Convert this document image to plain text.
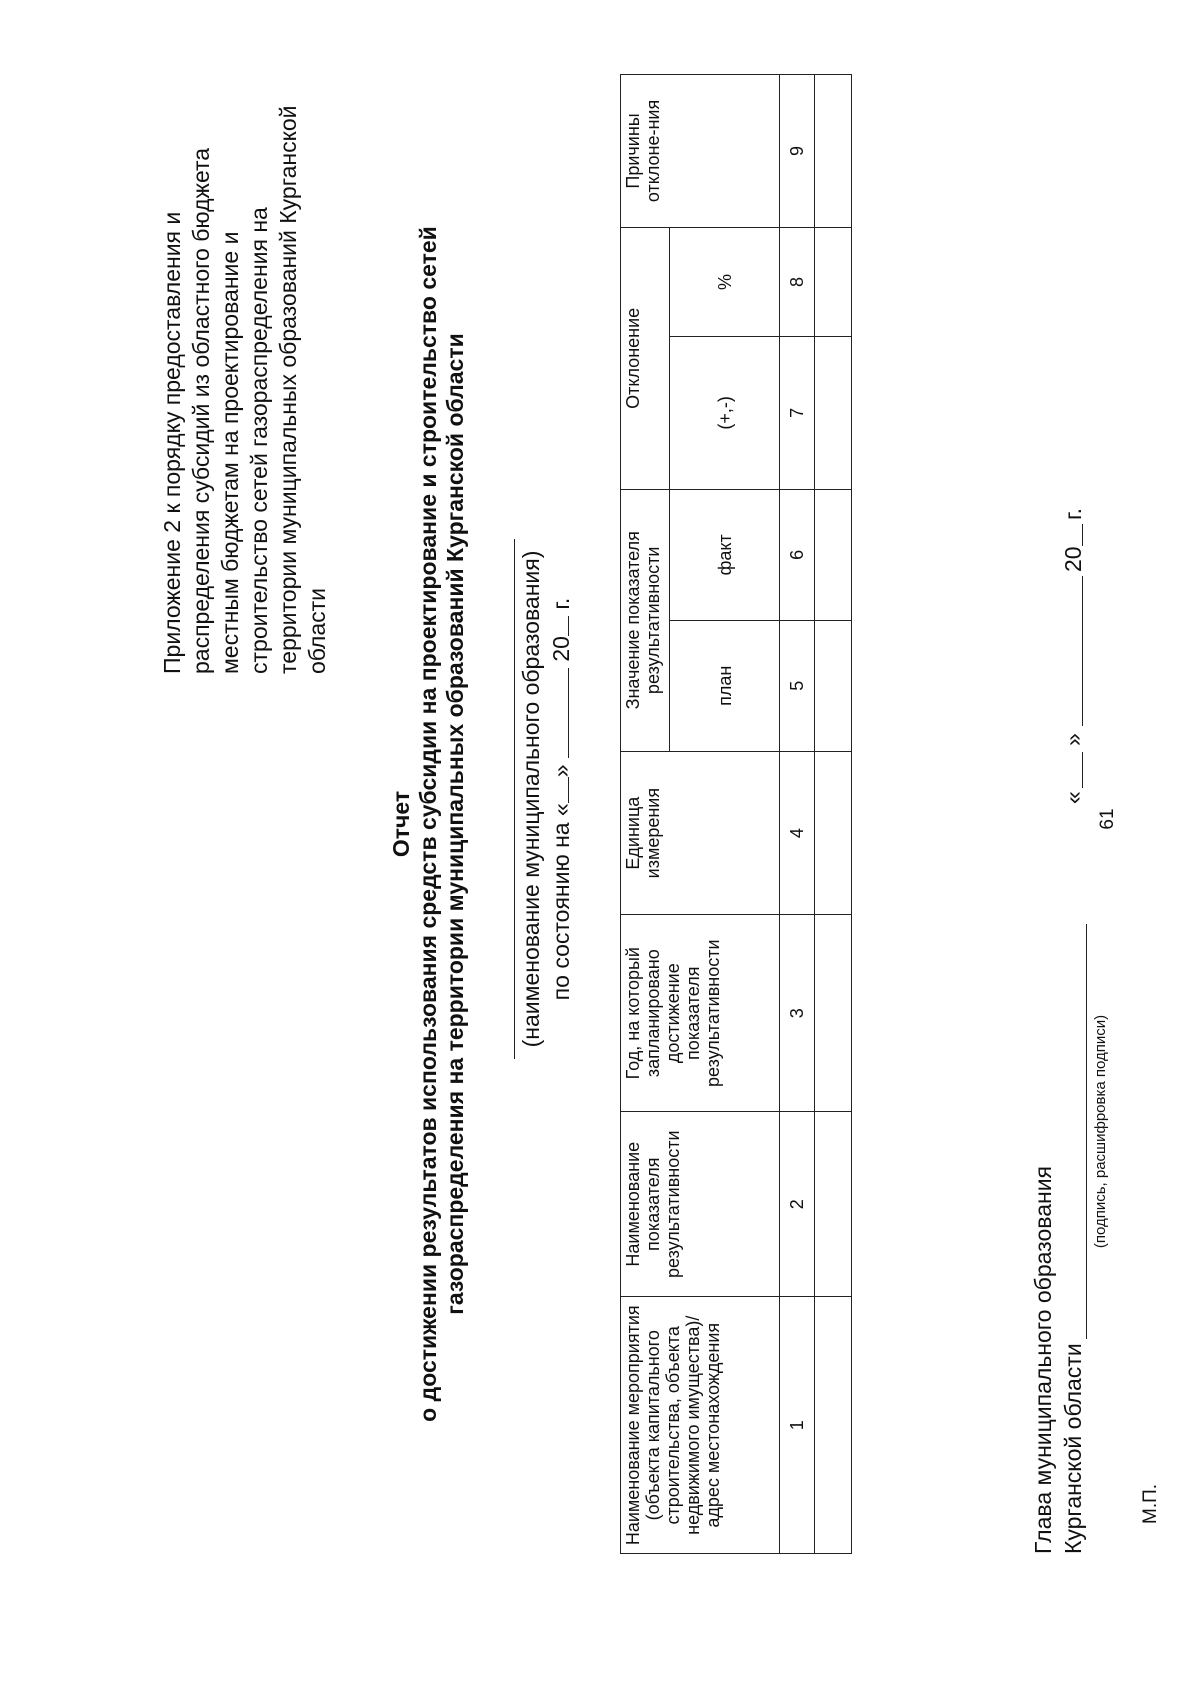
61
Приложение 2 к порядку предоставления и распределения субсидий из областного бюджета местным бюджетам на проектирование и строительство сетей газораспределения на территории муниципальных образований Курганской области
Отчет о достижении результатов использования средств субсидии на проектирование и строительство сетей газораспределения на территории муниципальных образований Курганской области (наименование муниципального образования) по состоянию на «»  20 г.
Наименование мероприятия (объекта капитального строительства, объекта недвижимого имущества)/адрес местонахождения	Наименование показателя результативности	Год, на который запланировано достижение показателя результативности	Единица измерения	Значение показателя результативности		Отклонение		Причины отклоне-ния
				план	факт	(+,-)	%	
1	2	3	4	5	6	7	8	9

Глава муниципального образования Курганской области
(подпись, расшифровка подписи)
«
»
20
г.
М.П.
